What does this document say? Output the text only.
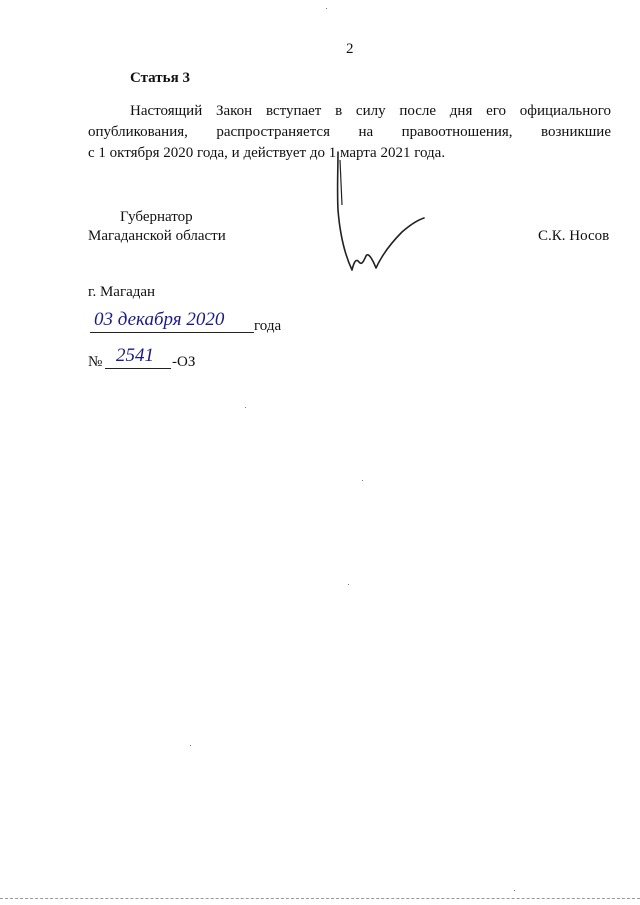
2
Статья 3
Настоящий Закон вступает в силу после дня его официального
опубликования, распространяется на правоотношения, возникшие
с 1 октября 2020 года, и действует до 1 марта 2021 года.
Губернатор
Магаданской области	С.К. Носов
г. Магадан
03 декабря 2020 года
№ 2541 -ОЗ
